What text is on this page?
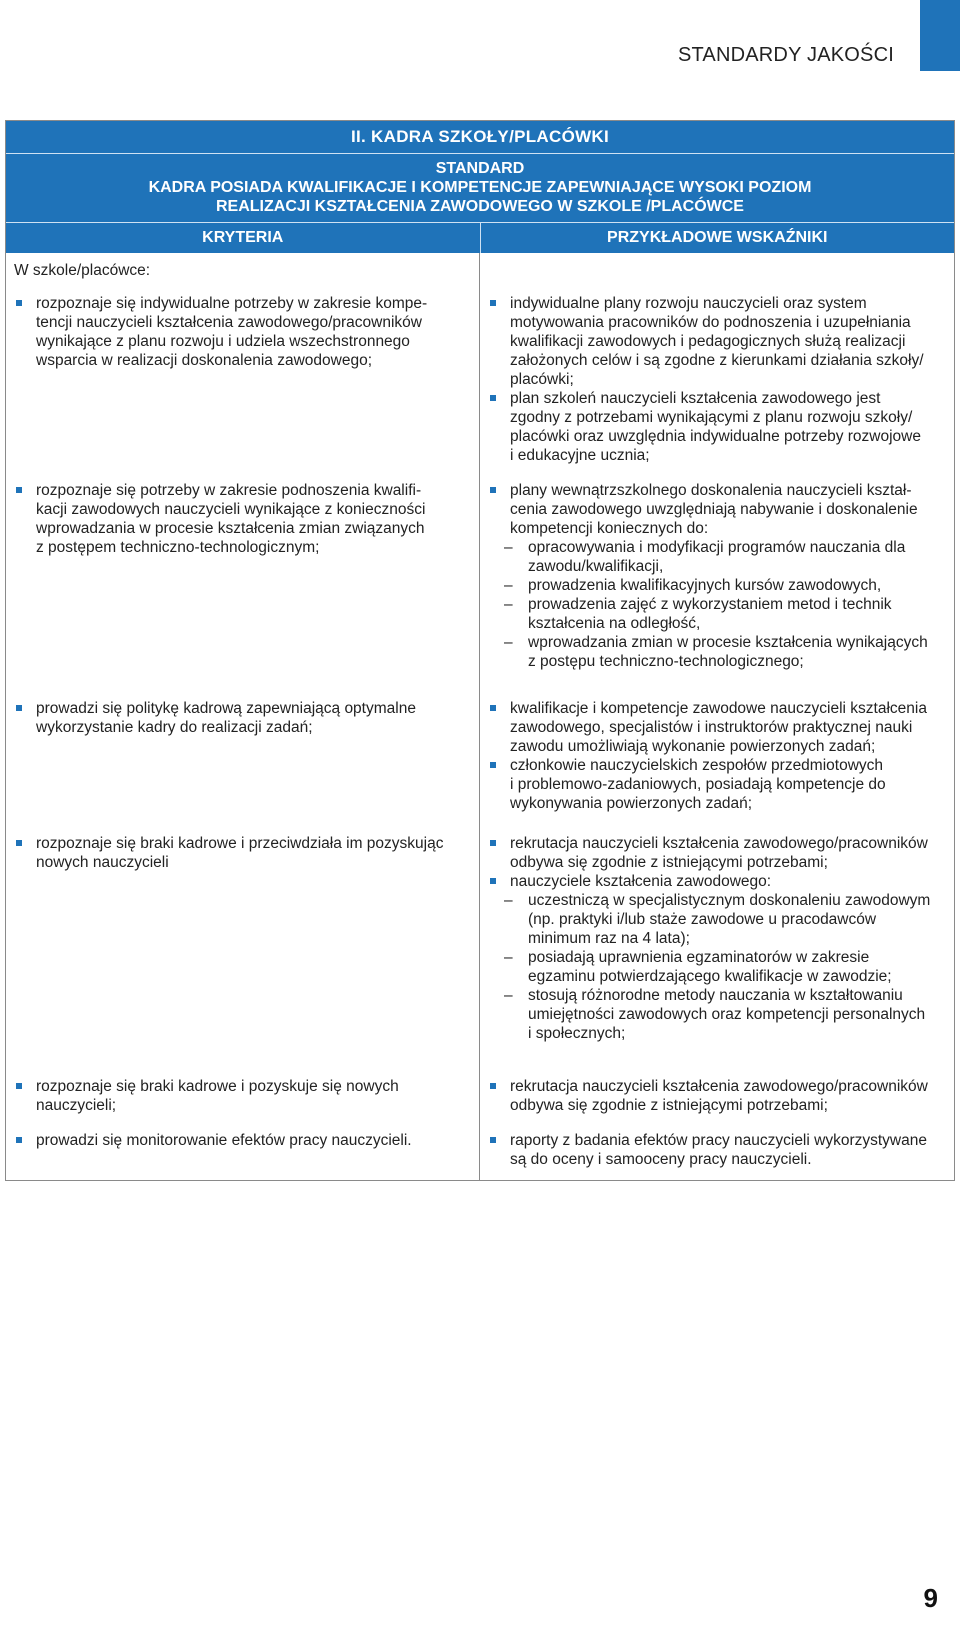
STANDARDY JAKOŚCI
II. KADRA SZKOŁY/PLACÓWKI
STANDARD
KADRA POSIADA KWALIFIKACJE I KOMPETENCJE ZAPEWNIAJĄCE WYSOKI POZIOM
REALIZACJI KSZTAŁCENIA ZAWODOWEGO W SZKOLE /PLACÓWCE
KRYTERIA	PRZYKŁADOWE WSKAŹNIKI
W szkole/placówce:
rozpoznaje się indywidualne potrzeby w zakresie kompe-
tencji nauczycieli kształcenia zawodowego/pracowników
wynikające z planu rozwoju i udziela wszechstronnego
wsparcia w realizacji doskonalenia zawodowego;
indywidualne plany rozwoju nauczycieli oraz system
motywowania pracowników do podnoszenia i uzupełniania
kwalifikacji zawodowych i pedagogicznych służą realizacji
założonych celów i są zgodne z kierunkami działania szkoły/
placówki;
plan szkoleń nauczycieli kształcenia zawodowego jest
zgodny z potrzebami wynikającymi z planu rozwoju szkoły/
placówki oraz uwzględnia indywidualne potrzeby rozwojowe
i edukacyjne ucznia;
rozpoznaje się potrzeby w zakresie podnoszenia kwalifi-
kacji zawodowych nauczycieli wynikające z konieczności
wprowadzania w procesie kształcenia zmian związanych
z postępem techniczno-technologicznym;
plany wewnątrzszkolnego doskonalenia nauczycieli kształ-
cenia zawodowego uwzględniają nabywanie i doskonalenie
kompetencji koniecznych do:
– opracowywania i modyfikacji programów nauczania dla
zawodu/kwalifikacji,
– prowadzenia kwalifikacyjnych kursów zawodowych,
– prowadzenia zajęć z wykorzystaniem metod i technik
kształcenia na odległość,
– wprowadzania zmian w procesie kształcenia wynikających
z postępu techniczno-technologicznego;
prowadzi się politykę kadrową zapewniającą optymalne
wykorzystanie kadry do realizacji zadań;
kwalifikacje i kompetencje zawodowe nauczycieli kształcenia
zawodowego, specjalistów i instruktorów praktycznej nauki
zawodu umożliwiają wykonanie powierzonych zadań;
członkowie nauczycielskich zespołów przedmiotowych
i problemowo-zadaniowych, posiadają kompetencje do
wykonywania powierzonych zadań;
rozpoznaje się braki kadrowe i przeciwdziała im pozyskując
nowych nauczycieli
rekrutacja nauczycieli kształcenia zawodowego/pracowników
odbywa się zgodnie z istniejącymi potrzebami;
nauczyciele kształcenia zawodowego:
– uczestniczą w specjalistycznym doskonaleniu zawodowym
(np. praktyki i/lub staże zawodowe u pracodawców
minimum raz na 4 lata);
– posiadają uprawnienia egzaminatorów w zakresie
egzaminu potwierdzającego kwalifikacje w zawodzie;
– stosują różnorodne metody nauczania w kształtowaniu
umiejętności zawodowych oraz kompetencji personalnych
i społecznych;
rozpoznaje się braki kadrowe i pozyskuje się nowych
nauczycieli;
rekrutacja nauczycieli kształcenia zawodowego/pracowników
odbywa się zgodnie z istniejącymi potrzebami;
prowadzi się monitorowanie efektów pracy nauczycieli.	raporty z badania efektów pracy nauczycieli wykorzystywane
są do oceny i samooceny pracy nauczycieli.
9
